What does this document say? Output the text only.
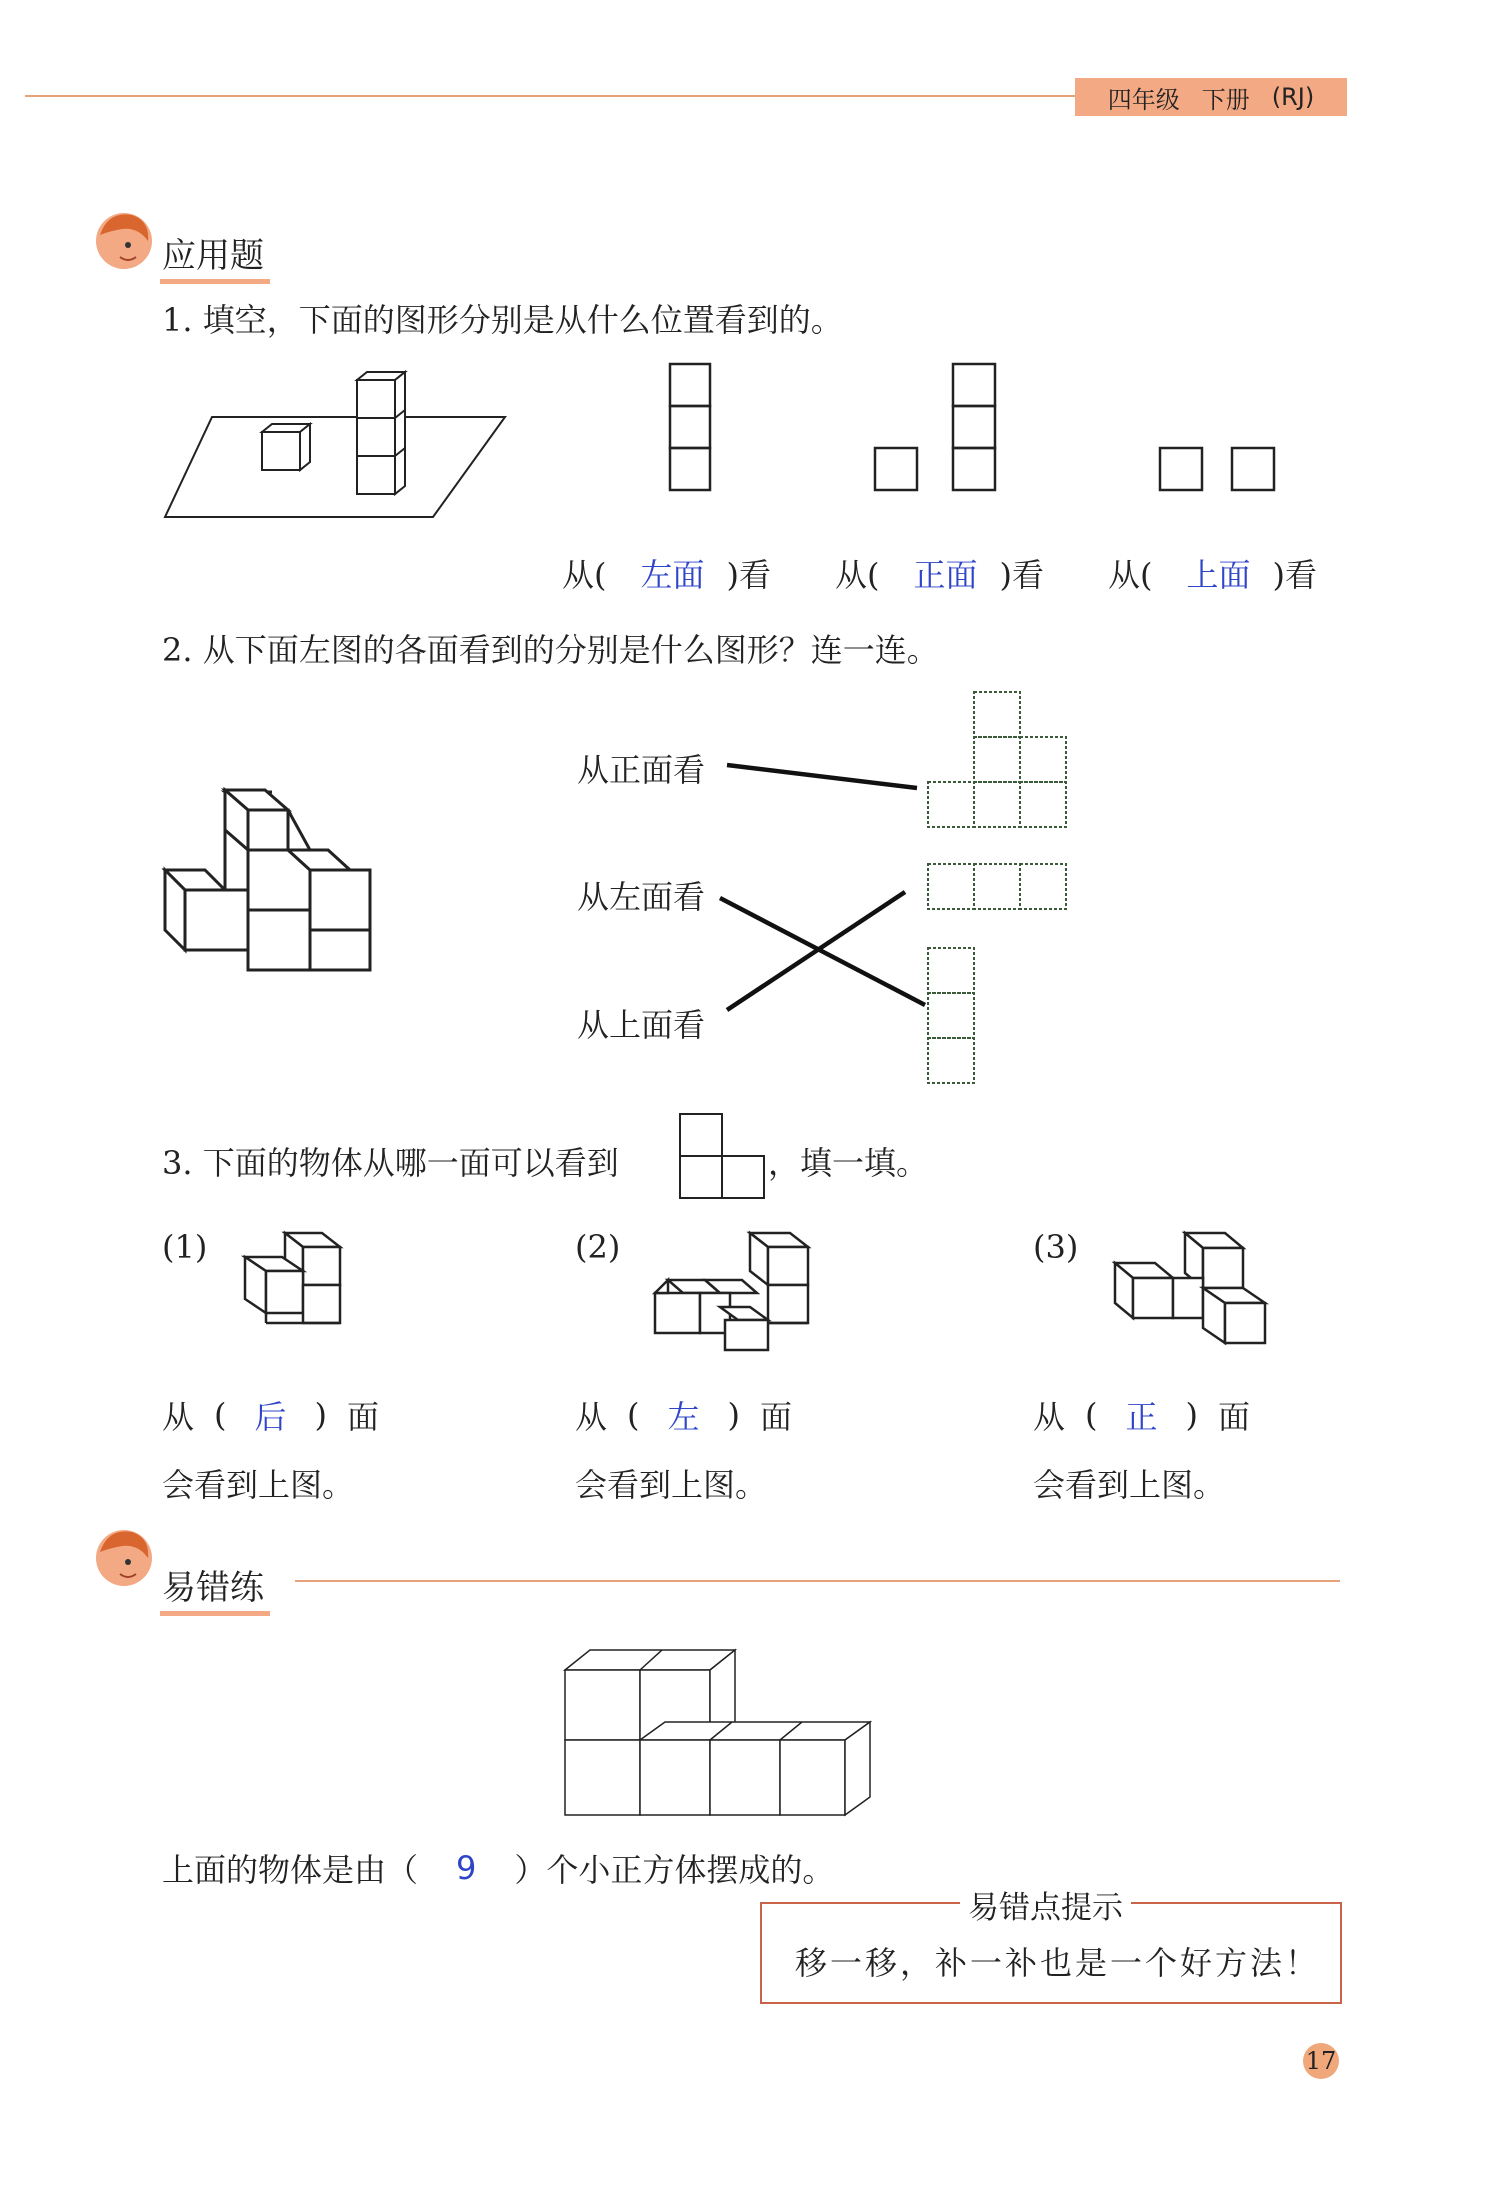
四年级 下册 (RJ)
应用题
1. 填空，下面的图形分别是从什么位置看到的。
从( 左面 )看 从( 正面 )看 从( 上面 )看
2. 从下面左图的各面看到的分别是什么图形？连一连。
从正面看
从左面看
从上面看
3. 下面的物体从哪一面可以看到	，填一填。
(1)
从 ( 后 ) 面
会看到上图。
(2)
从 ( 左 ) 面
会看到上图。
(3)
从 ( 正 ) 面
会看到上图。
易错练
上面的物体是由（ 9 ）个小正方体摆成的。
易错点提示
移一移，补一补也是一个好方法！
17
